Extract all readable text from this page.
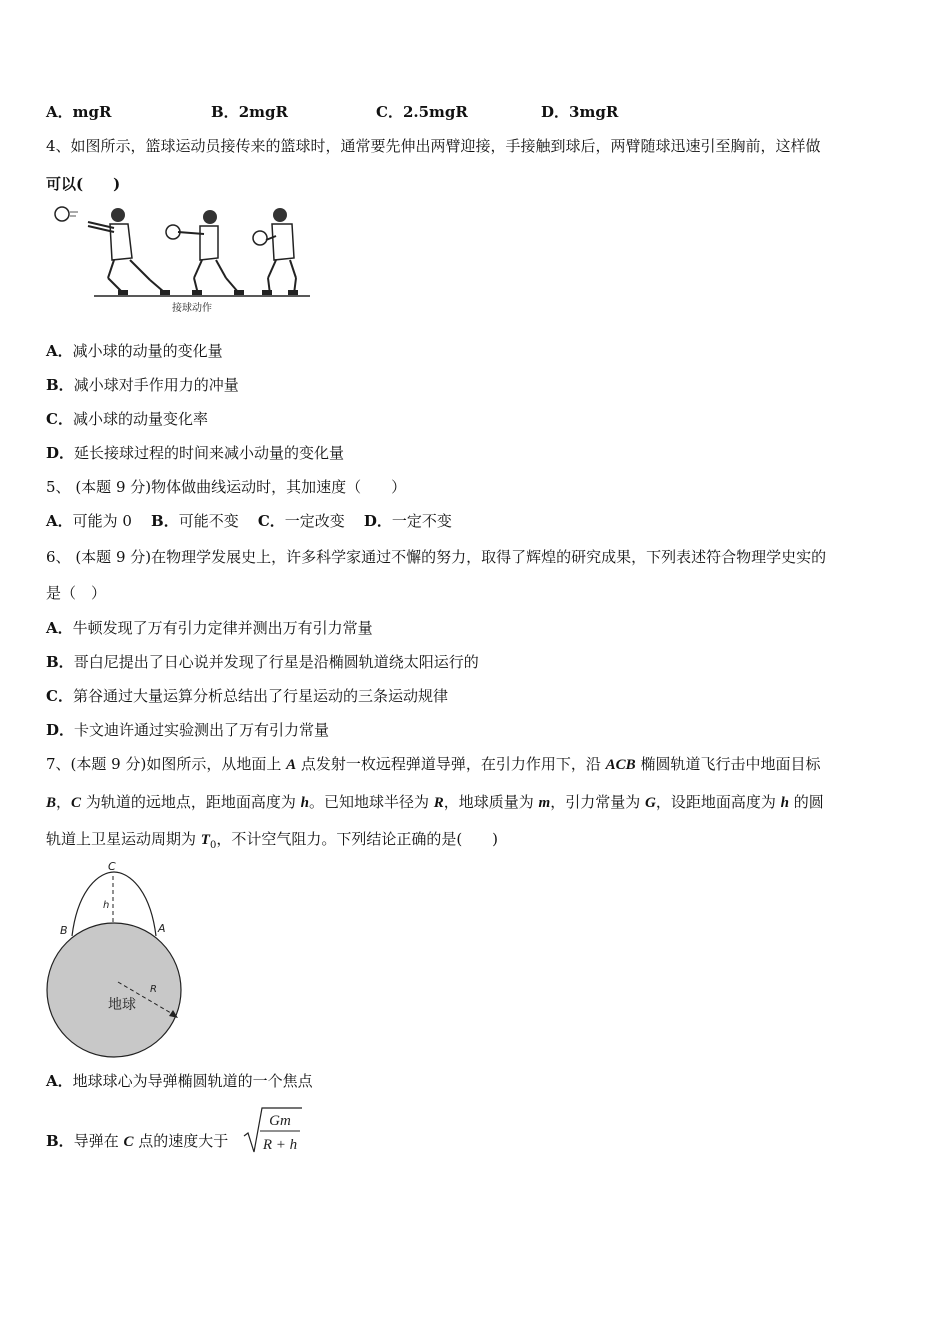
A．mgR	B．2mgR	C．2.5mgR	D．3mgR
4、如图所示，篮球运动员接传来的篮球时，通常要先伸出两臂迎接，手接触到球后，两臂随球迅速引至胸前，这样做
可以(　　)
接球动作
A．减小球的动量的变化量
B．减小球对手作用力的冲量
C．减小球的动量变化率
D．延长接球过程的时间来减小动量的变化量
5、 (本题 9 分)物体做曲线运动时，其加速度（　　）
A．可能为 0 B．可能不变 C．一定改变 D．一定不变
6、 (本题 9 分)在物理学发展史上，许多科学家通过不懈的努力，取得了辉煌的研究成果，下列表述符合物理学史实的
是（　）
A．牛顿发现了万有引力定律并测出万有引力常量
B．哥白尼提出了日心说并发现了行星是沿椭圆轨道绕太阳运行的
C．第谷通过大量运算分析总结出了行星运动的三条运动规律
D．卡文迪许通过实验测出了万有引力常量
7、(本题 9 分)如图所示，从地面上 A 点发射一枚远程弹道导弹，在引力作用下，沿 ACB 椭圆轨道飞行击中地面目标
B，C 为轨道的远地点，距地面高度为 h。已知地球半径为 R，地球质量为 m，引力常量为 G，设距地面高度为 h 的圆
轨道上卫星运动周期为 $T_0$，不计空气阻力。下列结论正确的是(　　)
C
h
B	A
R
地球
A．地球球心为导弹椭圆轨道的一个焦点
B．导弹在 C 点的速度大于
Gm
R + h
